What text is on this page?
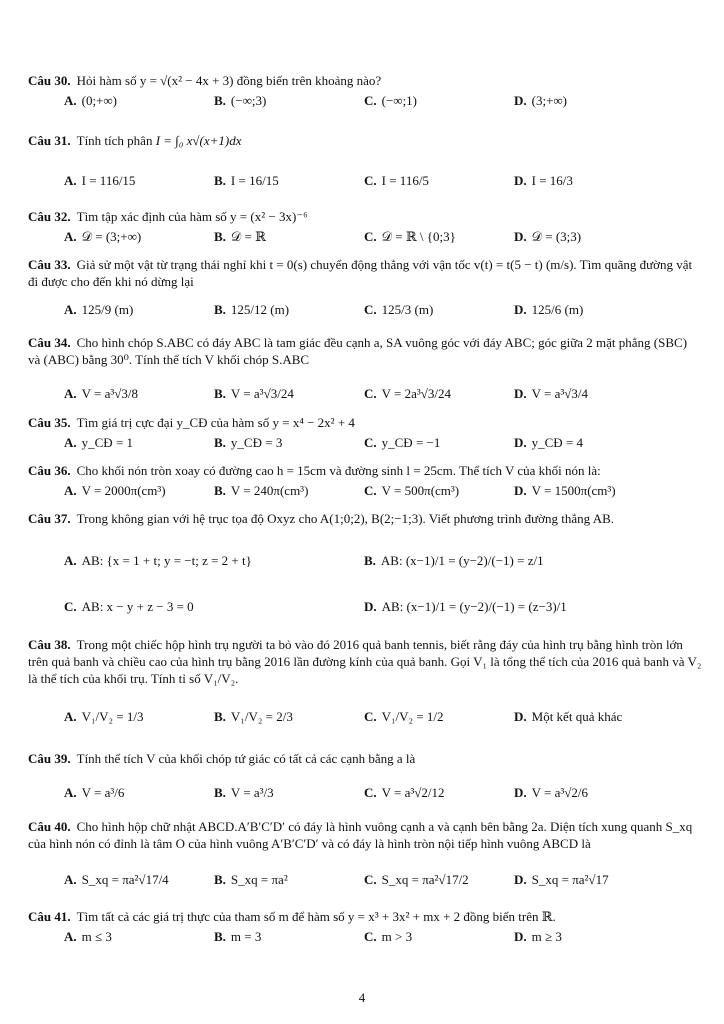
Câu 30. Hỏi hàm số y = √(x² − 4x + 3) đồng biến trên khoảng nào?
A. (0;+∞)	B. (−∞;3)	C. (−∞;1)	D. (3;+∞)
Câu 31. Tính tích phân I = ∫₀ x√(x+1)dx
A. I = 116/15	B. I = 16/15	C. I = 116/5	D. I = 16/3
Câu 32. Tìm tập xác định của hàm số y = (x² − 3x)⁻⁶
A. 𝒟 = (3;+∞)	B. 𝒟 = ℝ	C. 𝒟 = ℝ \ {0;3}	D. 𝒟 = (3;3)
Câu 33. Giả sử một vật từ trạng thái nghỉ khi t = 0(s) chuyển động thẳng với vận tốc v(t) = t(5 − t) (m/s). Tìm quãng đường vật đi được cho đến khi nó dừng lại
A. 125/9 (m)	B. 125/12 (m)	C. 125/3 (m)	D. 125/6 (m)
Câu 34. Cho hình chóp S.ABC có đáy ABC là tam giác đều cạnh a, SA vuông góc với đáy ABC; góc giữa 2 mặt phẳng (SBC) và (ABC) bằng 30⁰. Tính thể tích V khối chóp S.ABC
A. V = a³√3/8	B. V = a³√3/24	C. V = 2a³√3/24	D. V = a³√3/4
Câu 35. Tìm giá trị cực đại y_CĐ của hàm số y = x⁴ − 2x² + 4
A. y_CĐ = 1	B. y_CĐ = 3	C. y_CĐ = −1	D. y_CĐ = 4
Câu 36. Cho khối nón tròn xoay có đường cao h = 15cm và đường sinh l = 25cm. Thể tích V của khối nón là:
A. V = 2000π(cm³)	B. V = 240π(cm³)	C. V = 500π(cm³)	D. V = 1500π(cm³)
Câu 37. Trong không gian với hệ trục tọa độ Oxyz cho A(1;0;2), B(2;−1;3). Viết phương trình đường thẳng AB.
A. AB: {x = 1 + t; y = −t; z = 2 + t}	B. AB: (x−1)/1 = (y−2)/(−1) = z/1
C. AB: x − y + z − 3 = 0	D. AB: (x−1)/1 = (y−2)/(−1) = (z−3)/1
Câu 38. Trong một chiếc hộp hình trụ người ta bỏ vào đó 2016 quả banh tennis, biết rằng đáy của hình trụ bằng hình tròn lớn trên quả banh và chiều cao của hình trụ bằng 2016 lần đường kính của quả banh. Gọi V₁ là tổng thể tích của 2016 quả banh và V₂ là thể tích của khối trụ. Tính tỉ số V₁/V₂.
A. V₁/V₂ = 1/3	B. V₁/V₂ = 2/3	C. V₁/V₂ = 1/2	D. Một kết quả khác
Câu 39. Tính thể tích V của khối chóp tứ giác có tất cả các cạnh bằng a là
A. V = a³/6	B. V = a³/3	C. V = a³√2/12	D. V = a³√2/6
Câu 40. Cho hình hộp chữ nhật ABCD.A′B′C′D′ có đáy là hình vuông cạnh a và cạnh bên bằng 2a. Diện tích xung quanh S_xq của hình nón có đỉnh là tâm O của hình vuông A′B′C′D′ và có đáy là hình tròn nội tiếp hình vuông ABCD là
A. S_xq = πa²√17/4	B. S_xq = πa²	C. S_xq = πa²√17/2	D. S_xq = πa²√17
Câu 41. Tìm tất cả các giá trị thực của tham số m để hàm số y = x³ + 3x² + mx + 2 đồng biến trên ℝ.
A. m ≤ 3	B. m = 3	C. m > 3	D. m ≥ 3
4
